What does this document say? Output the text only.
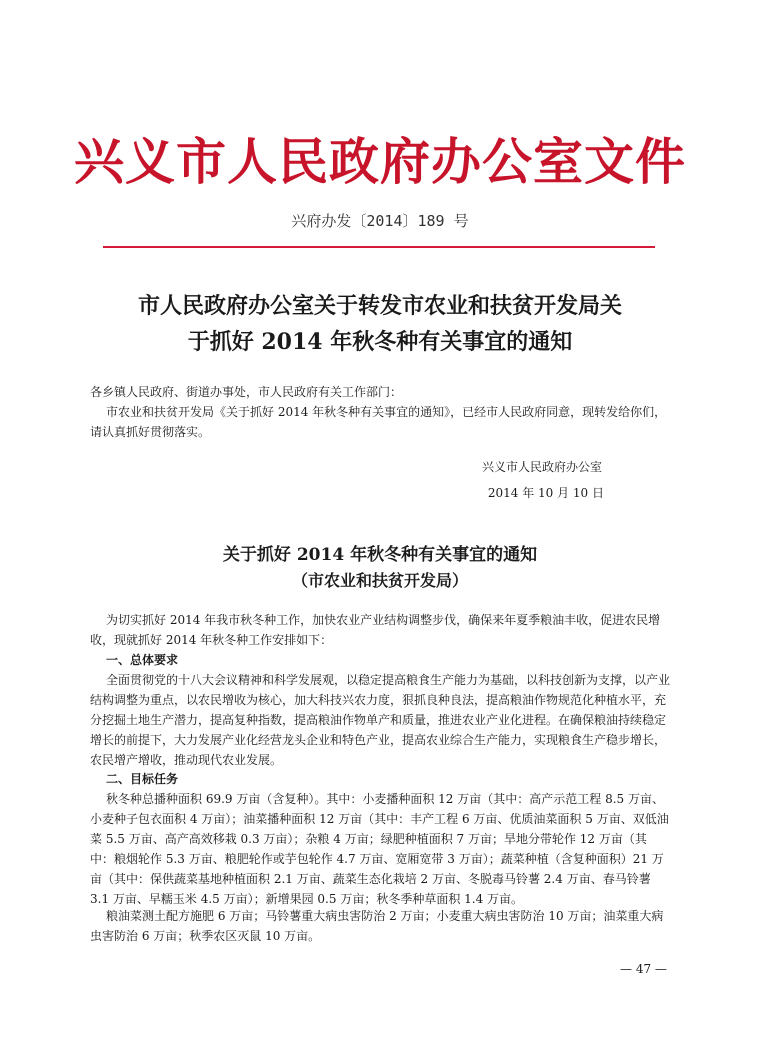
兴义市人民政府办公室文件
兴府办发〔2014〕189 号
市人民政府办公室关于转发市农业和扶贫开发局关
于抓好 2014 年秋冬种有关事宜的通知
各乡镇人民政府、街道办事处，市人民政府有关工作部门：
市农业和扶贫开发局《关于抓好 2014 年秋冬种有关事宜的通知》，已经市人民政府同意，现转发给你们，请认真抓好贯彻落实。
兴义市人民政府办公室
2014 年 10 月 10 日
关于抓好 2014 年秋冬种有关事宜的通知
（市农业和扶贫开发局）
为切实抓好 2014 年我市秋冬种工作，加快农业产业结构调整步伐，确保来年夏季粮油丰收，促进农民增收，现就抓好 2014 年秋冬种工作安排如下：
一、总体要求
全面贯彻党的十八大会议精神和科学发展观，以稳定提高粮食生产能力为基础，以科技创新为支撑，以产业结构调整为重点，以农民增收为核心，加大科技兴农力度，狠抓良种良法，提高粮油作物规范化种植水平，充分挖掘土地生产潜力，提高复种指数，提高粮油作物单产和质量，推进农业产业化进程。在确保粮油持续稳定增长的前提下，大力发展产业化经营龙头企业和特色产业，提高农业综合生产能力，实现粮食生产稳步增长，农民增产增收，推动现代农业发展。
二、目标任务
秋冬种总播种面积 69.9 万亩（含复种）。其中：小麦播种面积 12 万亩（其中：高产示范工程 8.5 万亩、小麦种子包衣面积 4 万亩）；油菜播种面积 12 万亩（其中：丰产工程 6 万亩、优质油菜面积 5 万亩、双低油菜 5.5 万亩、高产高效移栽 0.3 万亩）；杂粮 4 万亩；绿肥种植面积 7 万亩；旱地分带轮作 12 万亩（其中：粮烟轮作 5.3 万亩、粮肥轮作或芋包轮作 4.7 万亩、宽厢宽带 3 万亩）；蔬菜种植（含复种面积）21 万亩（其中：保供蔬菜基地种植面积 2.1 万亩、蔬菜生态化栽培 2 万亩、冬脱毒马铃薯 2.4 万亩、春马铃薯 3.1 万亩、早糯玉米 4.5 万亩）；新增果园 0.5 万亩；秋冬季种草面积 1.4 万亩。
粮油菜测土配方施肥 6 万亩；马铃薯重大病虫害防治 2 万亩；小麦重大病虫害防治 10 万亩；油菜重大病虫害防治 6 万亩；秋季农区灭鼠 10 万亩。
— 47 —
